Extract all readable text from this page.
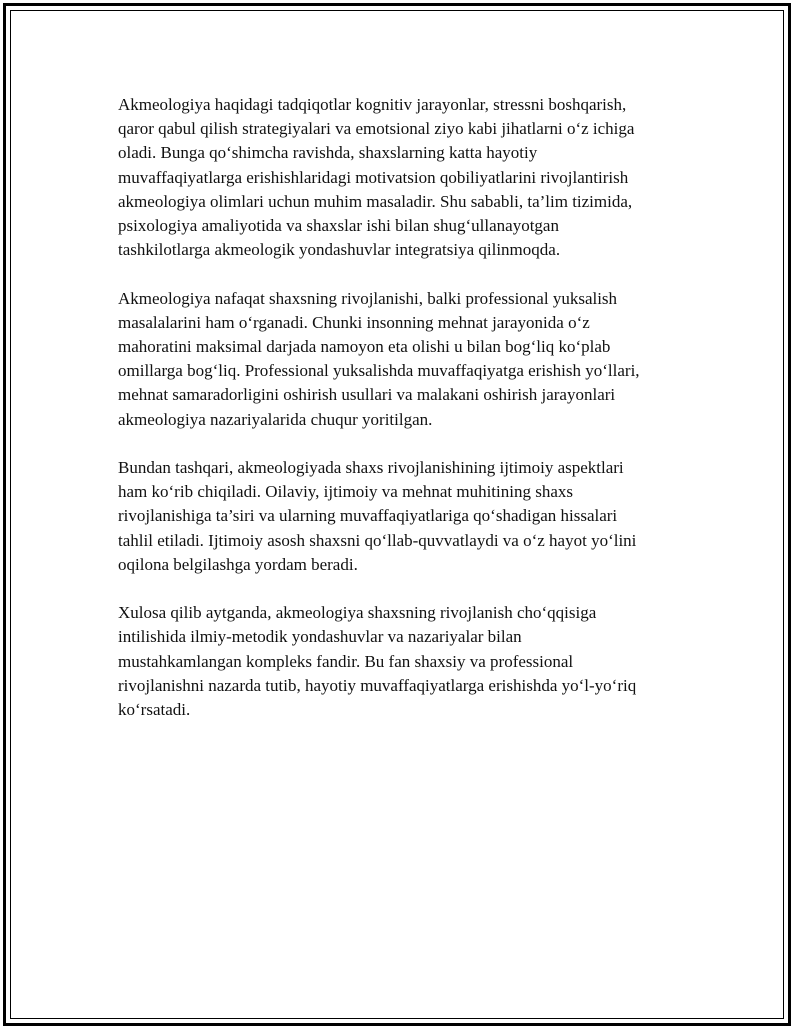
Akmeologiya haqidagi tadqiqotlar kognitiv jarayonlar, stressni boshqarish,
qaror qabul qilish strategiyalari va emotsional ziyo kabi jihatlarni o‘z ichiga
oladi. Bunga qo‘shimcha ravishda, shaxslarning katta hayotiy
muvaffaqiyatlarga erishishlaridagi motivatsion qobiliyatlarini rivojlantirish
akmeologiya olimlari uchun muhim masaladir. Shu sababli, ta’lim tizimida,
psixologiya amaliyotida va shaxslar ishi bilan shug‘ullanayotgan
tashkilotlarga akmeologik yondashuvlar integratsiya qilinmoqda.

Akmeologiya nafaqat shaxsning rivojlanishi, balki professional yuksalish
masalalarini ham o‘rganadi. Chunki insonning mehnat jarayonida o‘z
mahoratini maksimal darjada namoyon eta olishi u bilan bog‘liq ko‘plab
omillarga bog‘liq. Professional yuksalishda muvaffaqiyatga erishish yo‘llari,
mehnat samaradorligini oshirish usullari va malakani oshirish jarayonlari
akmeologiya nazariyalarida chuqur yoritilgan.

Bundan tashqari, akmeologiyada shaxs rivojlanishining ijtimoiy aspektlari
ham ko‘rib chiqiladi. Oilaviy, ijtimoiy va mehnat muhitining shaxs
rivojlanishiga ta’siri va ularning muvaffaqiyatlariga qo‘shadigan hissalari
tahlil etiladi. Ijtimoiy asosh shaxsni qo‘llab-quvvatlaydi va o‘z hayot yo‘lini
oqilona belgilashga yordam beradi.

Xulosa qilib aytganda, akmeologiya shaxsning rivojlanish cho‘qqisiga
intilishida ilmiy-metodik yondashuvlar va nazariyalar bilan
mustahkamlangan kompleks fandir. Bu fan shaxsiy va professional
rivojlanishni nazarda tutib, hayotiy muvaffaqiyatlarga erishishda yo‘l-yo‘riq
ko‘rsatadi.
